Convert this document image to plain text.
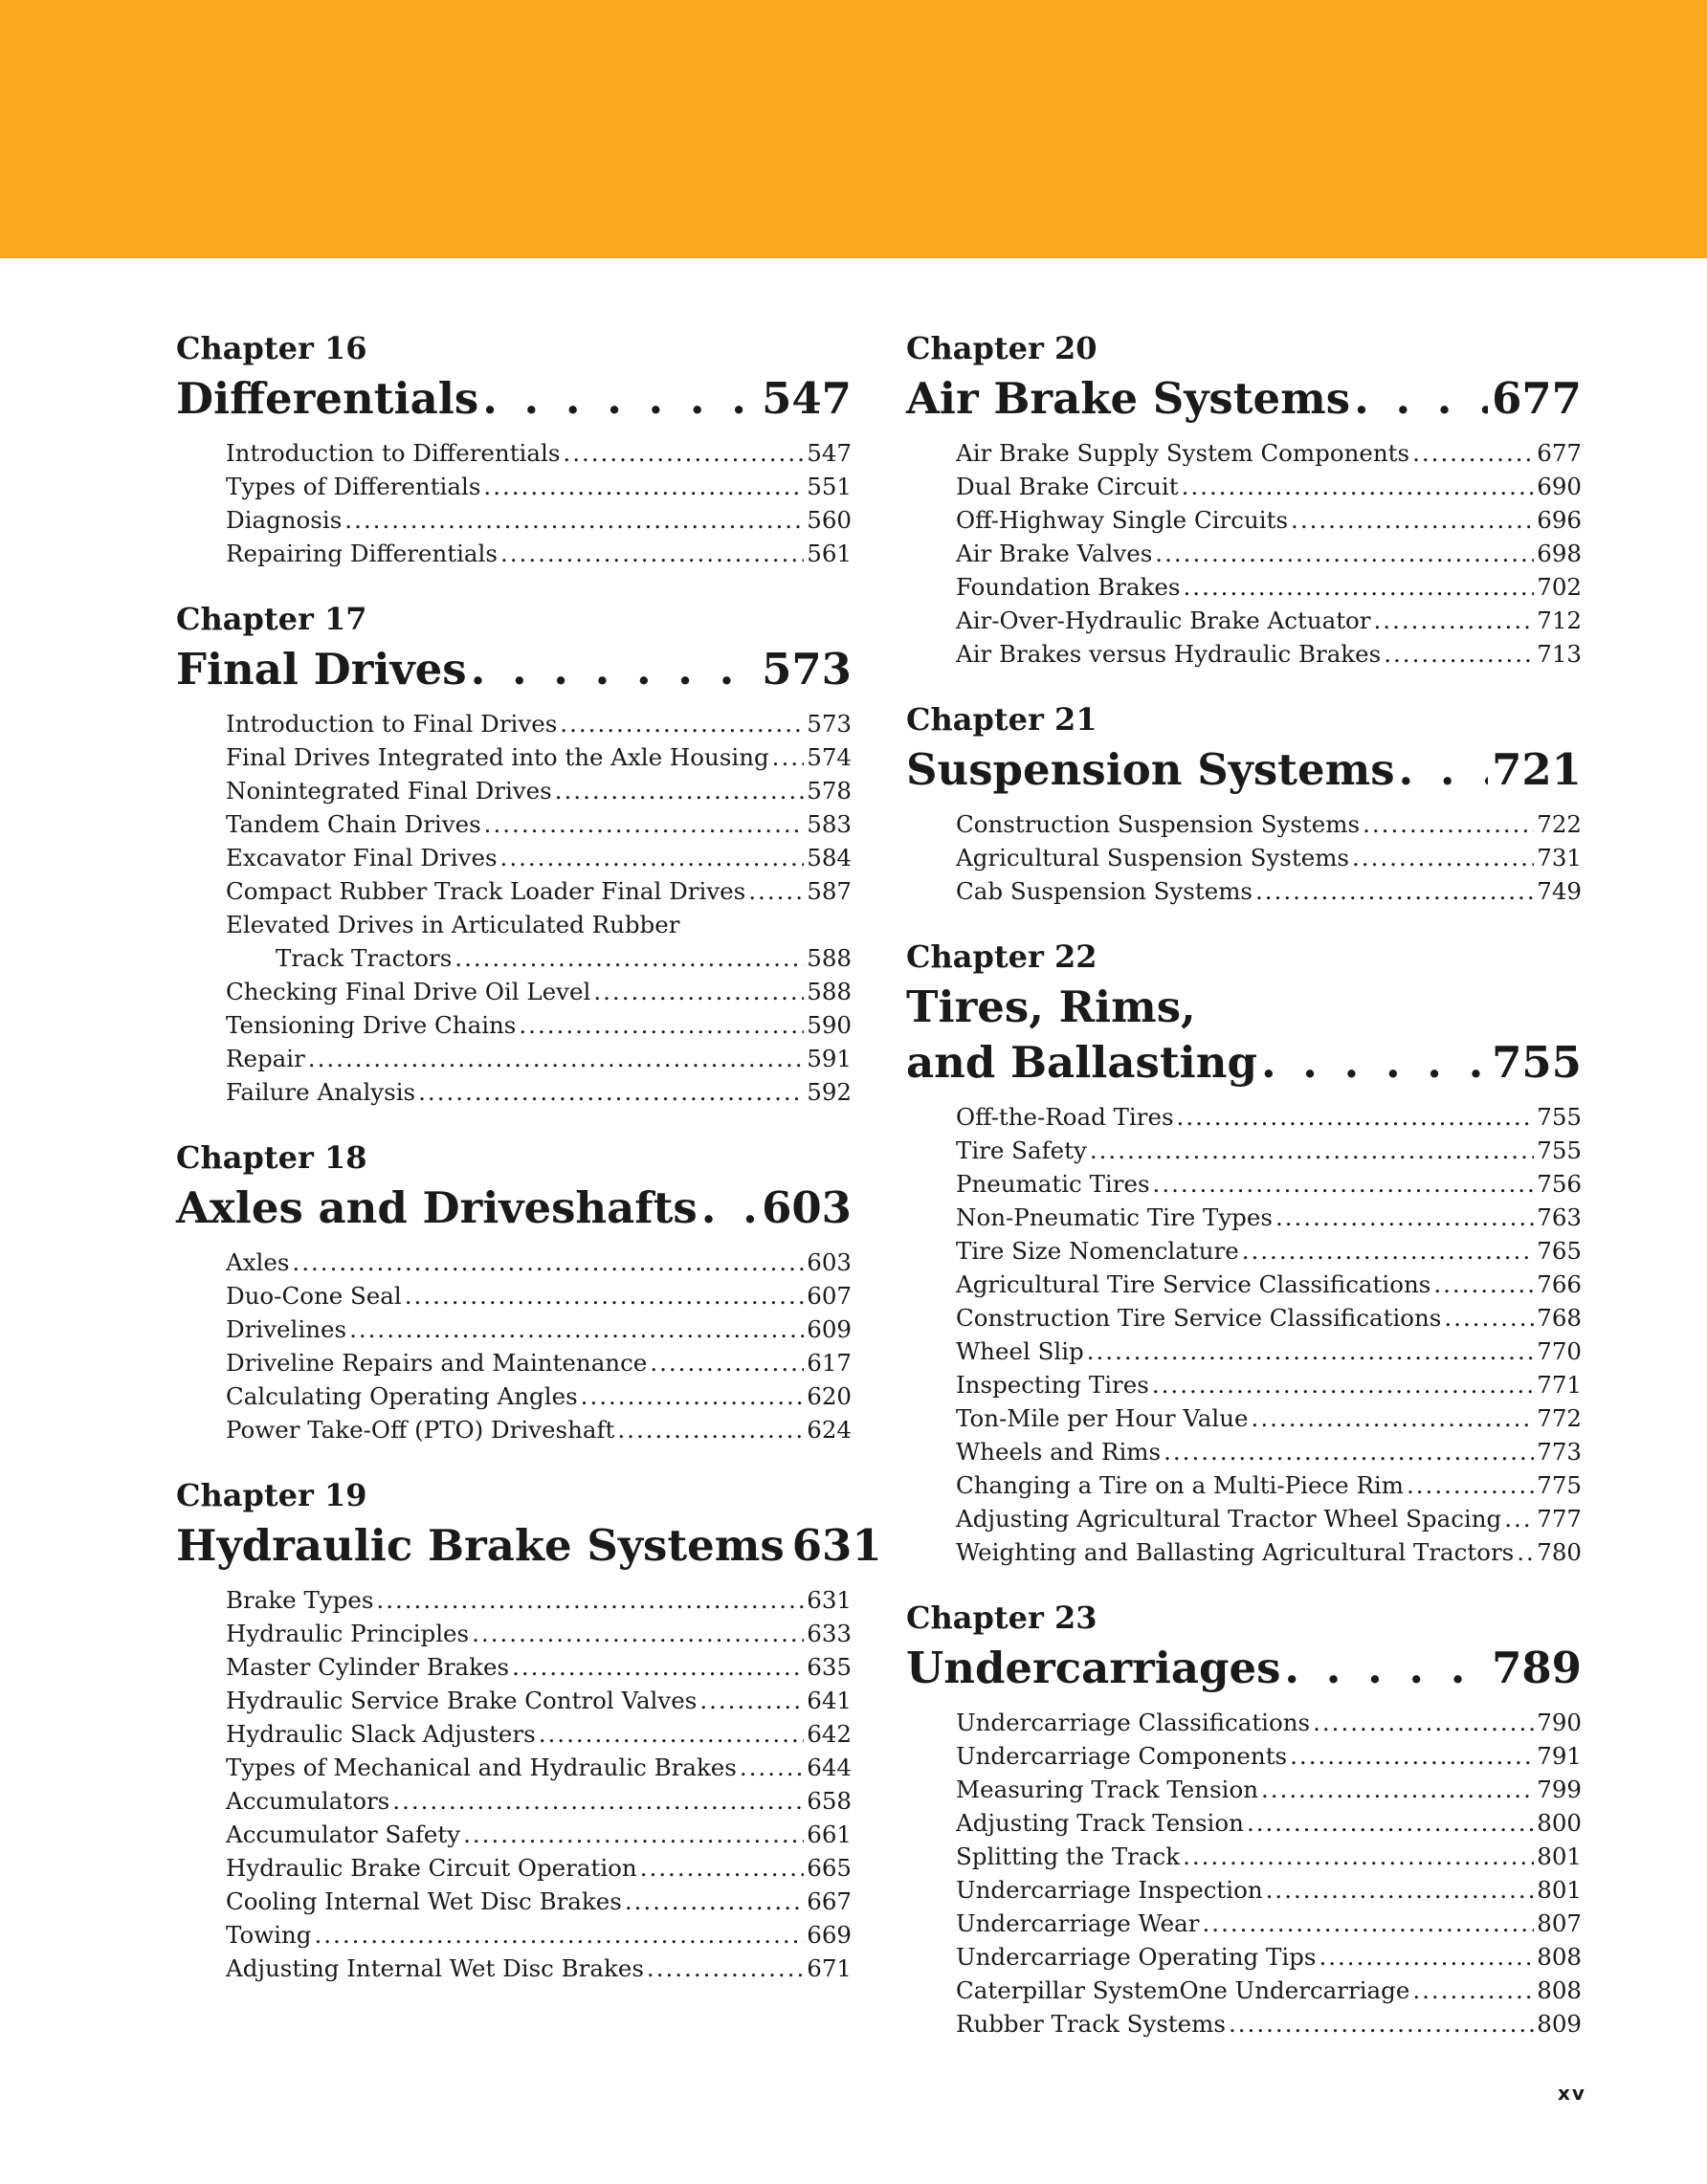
Chapter 16
Differentials . . .	547
Introduction to Differentials .....	547
Types of Differentials .....	551
Diagnosis .....	560
Repairing Differentials .....	561
Chapter 17
Final Drives . . .	573
Introduction to Final Drives .....	573
Final Drives Integrated into the Axle Housing ..... 574
Nonintegrated Final Drives .....	578
Tandem Chain Drives .....	583
Excavator Final Drives .....	584
Compact Rubber Track Loader Final Drives .....	587
Elevated Drives in Articulated Rubber
Track Tractors .....	588
Checking Final Drive Oil Level .....	588
Tensioning Drive Chains .....	590
Repair .....	591
Failure Analysis .....	592
Chapter 18
Axles and Driveshafts . . . 603
Axles .....	603
Duo-Cone Seal .....	607
Drivelines .....	609
Driveline Repairs and Maintenance .....	617
Calculating Operating Angles .....	620
Power Take-Off (PTO) Driveshaft .....	624
Chapter 19
Hydraulic Brake Systems 631
Brake Types .....	631
Hydraulic Principles .....	633
Master Cylinder Brakes .....	635
Hydraulic Service Brake Control Valves .....	641
Hydraulic Slack Adjusters .....	642
Types of Mechanical and Hydraulic Brakes .....	644
Accumulators .....	658
Accumulator Safety .....	661
Hydraulic Brake Circuit Operation .....	665
Cooling Internal Wet Disc Brakes .....	667
Towing .....	669
Adjusting Internal Wet Disc Brakes .....	671
Chapter 20
Air Brake Systems . . .	677
Air Brake Supply System Components .....	677
Dual Brake Circuit .....	690
Off-Highway Single Circuits .....	696
Air Brake Valves .....	698
Foundation Brakes .....	702
Air-Over-Hydraulic Brake Actuator .....	712
Air Brakes versus Hydraulic Brakes .....	713
Chapter 21
Suspension Systems . . . 721
Construction Suspension Systems .....	722
Agricultural Suspension Systems .....	731
Cab Suspension Systems .....	749
Chapter 22
Tires, Rims,
and Ballasting . . .	755
Off-the-Road Tires .....	755
Tire Safety .....	755
Pneumatic Tires .....	756
Non-Pneumatic Tire Types .....	763
Tire Size Nomenclature .....	765
Agricultural Tire Service Classifications .....	766
Construction Tire Service Classifications .....	768
Wheel Slip .....	770
Inspecting Tires .....	771
Ton-Mile per Hour Value .....	772
Wheels and Rims .....	773
Changing a Tire on a Multi-Piece Rim .....	775
Adjusting Agricultural Tractor Wheel Spacing ..... 777
Weighting and Ballasting Agricultural Tractors ..... 780
Chapter 23
Undercarriages . . .	789
Undercarriage Classifications .....	790
Undercarriage Components .....	791
Measuring Track Tension .....	799
Adjusting Track Tension .....	800
Splitting the Track .....	801
Undercarriage Inspection .....	801
Undercarriage Wear .....	807
Undercarriage Operating Tips .....	808
Caterpillar SystemOne Undercarriage .....	808
Rubber Track Systems .....	809
xv
